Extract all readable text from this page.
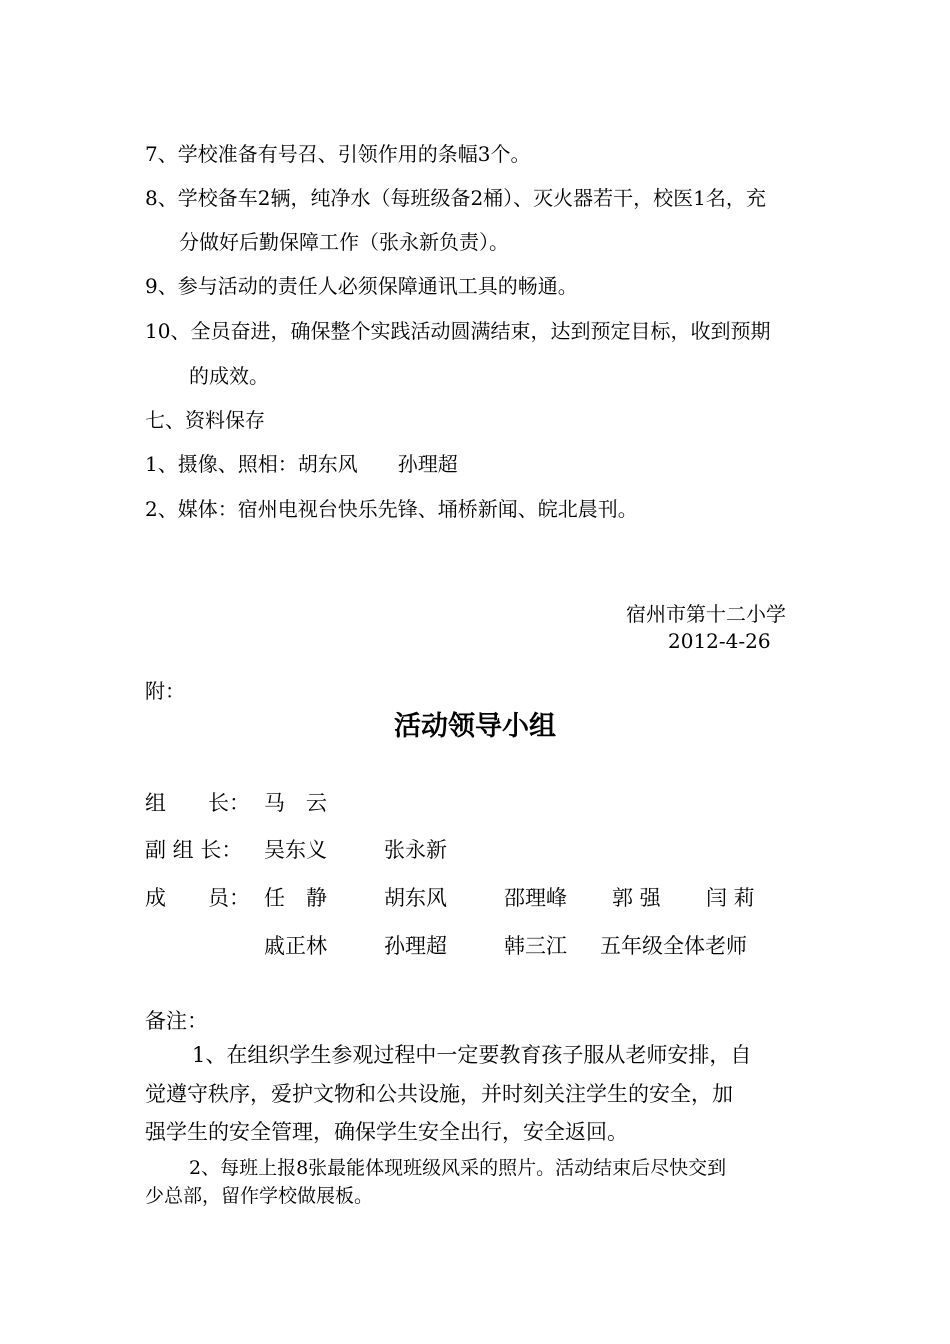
7、学校准备有号召、引领作用的条幅3个。
8、学校备车2辆，纯净水（每班级备2桶）、灭火器若干，校医1名，充
分做好后勤保障工作（张永新负责）。
9、参与活动的责任人必须保障通讯工具的畅通。
10、全员奋进，确保整个实践活动圆满结束，达到预定目标，收到预期
的成效。
七、资料保存
1、摄像、照相：胡东风　　孙理超
2、媒体：宿州电视台快乐先锋、埇桥新闻、皖北晨刊。
宿州市第十二小学
2012-4-26
附：
活动领导小组
组　　长： 马　云
副 组 长： 吴东义	张永新
成　　员： 任　静	胡东风	邵理峰 郭 强 闫 莉
戚正林	孙理超	韩三江 五年级全体老师
备注：
　1、在组织学生参观过程中一定要教育孩子服从老师安排，自
觉遵守秩序，爱护文物和公共设施，并时刻关注学生的安全，加
强学生的安全管理，确保学生安全出行，安全返回。
2、每班上报8张最能体现班级风采的照片。活动结束后尽快交到
少总部，留作学校做展板。
